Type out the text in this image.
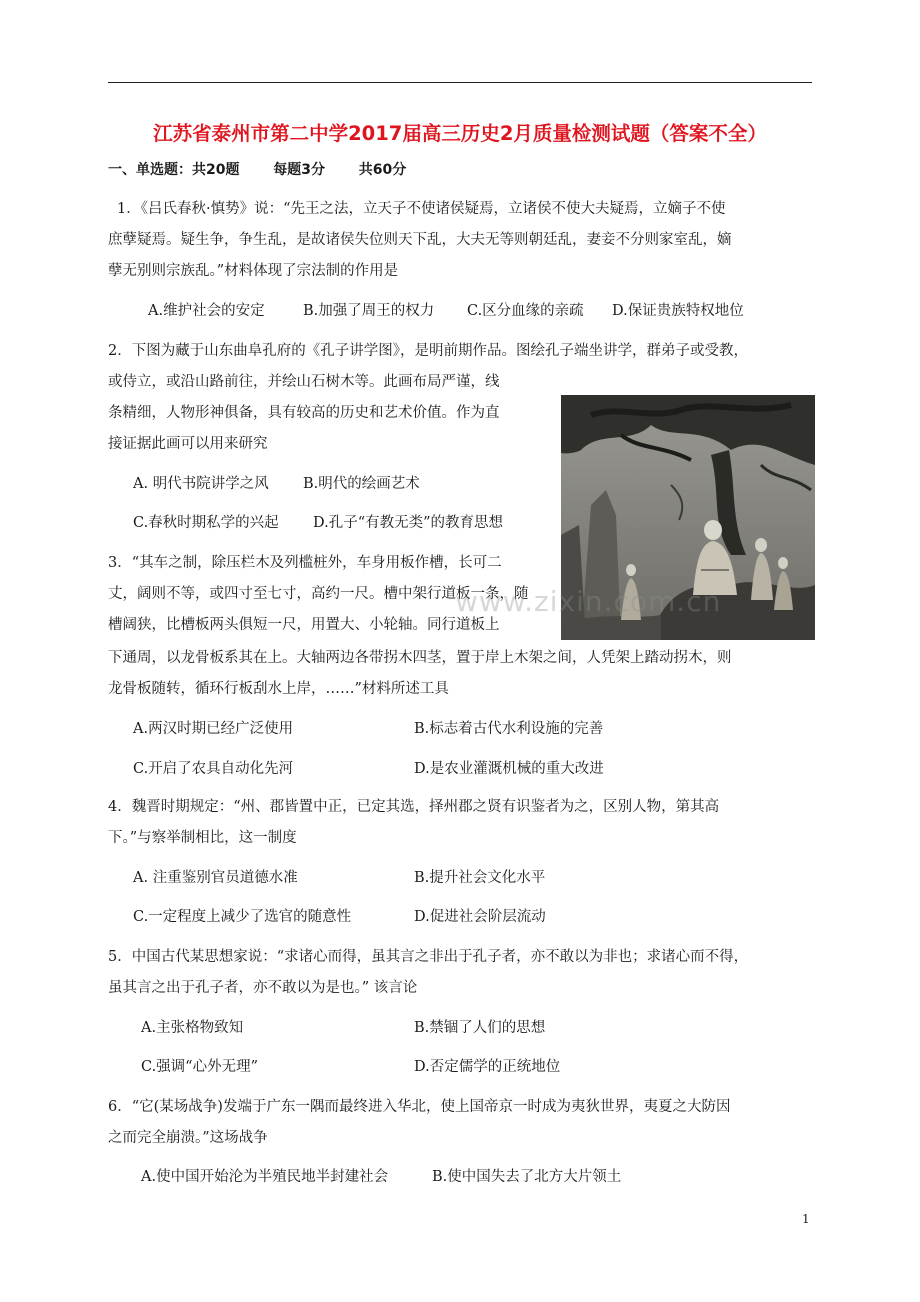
江苏省泰州市第二中学2017届高三历史2月质量检测试题（答案不全）
一、单选题：共20题 每题3分 共60分
1．《吕氏春秋·慎势》说：“先王之法，立天子不使诸侯疑焉，立诸侯不使大夫疑焉，立嫡子不使
庶孽疑焉。疑生争，争生乱，是故诸侯失位则天下乱，大夫无等则朝廷乱，妻妾不分则家室乱，嫡
孽无别则宗族乱。”材料体现了宗法制的作用是
A.维护社会的安定	B.加强了周王的权力 C.区分血缘的亲疏 D.保证贵族特权地位
2．下图为藏于山东曲阜孔府的《孔子讲学图》，是明前期作品。图绘孔子端坐讲学，群弟子或受教，
或侍立，或沿山路前往，并绘山石树木等。此画布局严谨，线
条精细，人物形神俱备，具有较高的历史和艺术价值。作为直
接证据此画可以用来研究
A. 明代书院讲学之风 B.明代的绘画艺术
C.春秋时期私学的兴起 D.孔子“有教无类”的教育思想
3．“其车之制，除压栏木及列槛桩外，车身用板作槽，长可二
丈，阔则不等，或四寸至七寸，高约一尺。槽中架行道板一条，随
槽阔狭，比槽板两头俱短一尺，用置大、小轮轴。同行道板上
下通周，以龙骨板系其在上。大轴两边各带拐木四茎，置于岸上木架之间，人凭架上踏动拐木，则
龙骨板随转，循环行板刮水上岸，……”材料所述工具
A.两汉时期已经广泛使用	B.标志着古代水利设施的完善
C.开启了农具自动化先河	D.是农业灌溉机械的重大改进
4．魏晋时期规定：“州、郡皆置中正，已定其选，择州郡之贤有识鉴者为之，区别人物，第其高
下。”与察举制相比，这一制度
A. 注重鉴别官员道德水准	B.提升社会文化水平
C.一定程度上减少了选官的随意性	D.促进社会阶层流动
5．中国古代某思想家说：“求诸心而得，虽其言之非出于孔子者，亦不敢以为非也；求诸心而不得，
虽其言之出于孔子者，亦不敢以为是也。” 该言论
A.主张格物致知	B.禁锢了人们的思想
C.强调“心外无理”	D.否定儒学的正统地位
6．“它(某场战争)发端于广东一隅而最终进入华北，使上国帝京一时成为夷狄世界，夷夏之大防因
之而完全崩溃。”这场战争
A.使中国开始沦为半殖民地半封建社会	B.使中国失去了北方大片领土
www.zixin.com.cn
1
